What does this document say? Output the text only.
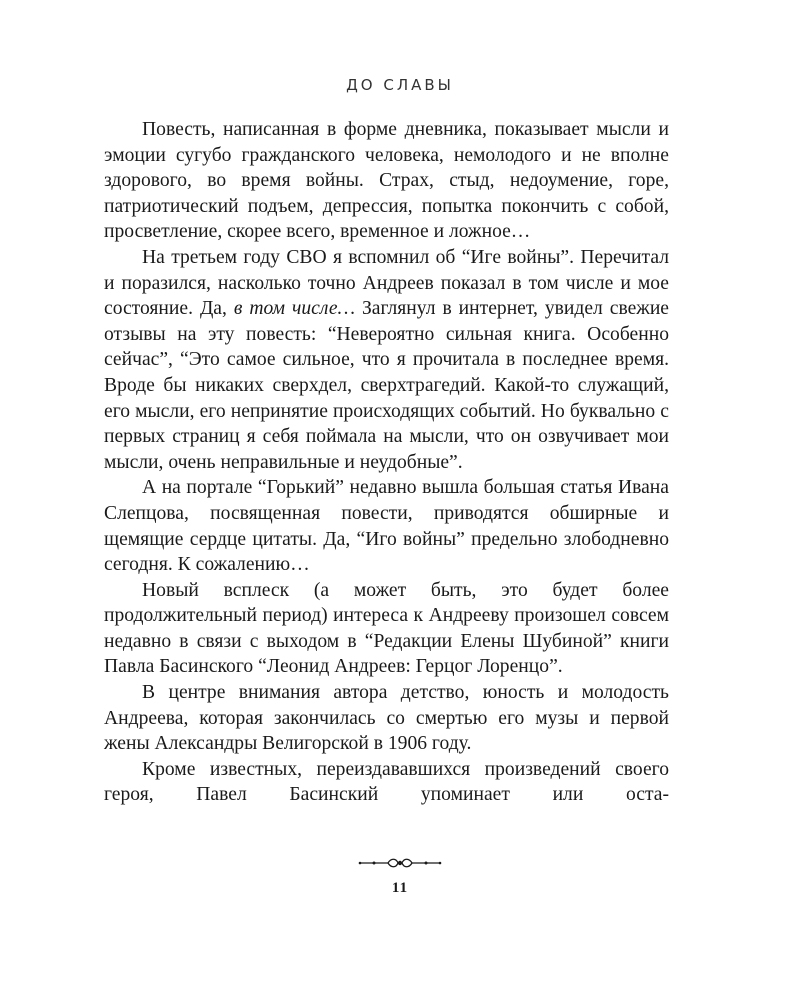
ДО СЛАВЫ

Повесть, написанная в форме дневника, показывает мысли и эмоции сугубо гражданского человека, немолодого и не вполне здорового, во время войны. Страх, стыд, недоумение, горе, патриотический подъем, депрессия, попытка покончить с собой, просветление, скорее всего, временное и ложное…

На третьем году СВО я вспомнил об “Иге войны”. Перечитал и поразился, насколько точно Андреев показал в том числе и мое состояние. Да, в том числе… Заглянул в интернет, увидел свежие отзывы на эту повесть: “Невероятно сильная книга. Особенно сейчас”, “Это самое сильное, что я прочитала в последнее время. Вроде бы никаких сверхдел, сверхтрагедий. Какой-то служащий, его мысли, его непринятие происходящих событий. Но буквально с первых страниц я себя поймала на мысли, что он озвучивает мои мысли, очень неправильные и неудобные”.

А на портале “Горький” недавно вышла большая статья Ивана Слепцова, посвященная повести, приводятся обширные и щемящие сердце цитаты. Да, “Иго войны” предельно злободневно сегодня. К сожалению…

Новый всплеск (а может быть, это будет более продолжительный период) интереса к Андрееву произошел совсем недавно в связи с выходом в “Редакции Елены Шубиной” книги Павла Басинского “Леонид Андреев: Герцог Лоренцо”.

В центре внимания автора детство, юность и молодость Андреева, которая закончилась со смертью его музы и первой жены Александры Велигорской в 1906 году.

Кроме известных, переиздававшихся произведений своего героя, Павел Басинский упоминает или оста-

11
